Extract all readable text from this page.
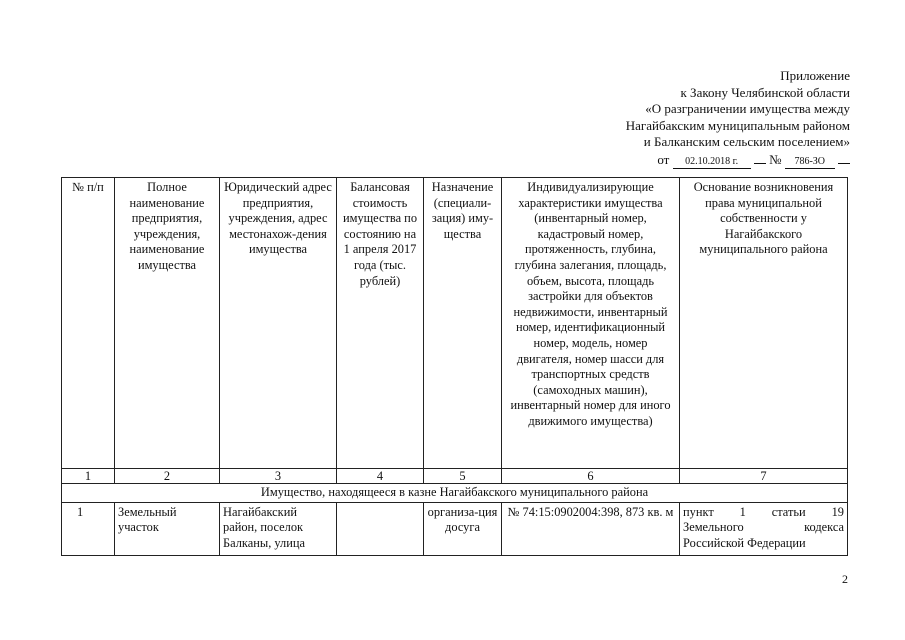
Приложение
к Закону Челябинской области
«О разграничении имущества между
Нагайбакским муниципальным районом
и Балканским сельским поселением»
от 02.10.2018 г. № 786-ЗО
№ п/п	Полное наименование предприятия, учреждения, наименование имущества	Юридический адрес предприятия, учреждения, адрес местонахож-дения имущества	Балансовая стоимость имущества по состоянию на 1 апреля 2017 года (тыс. рублей)	Назначение (специали-зация) иму-щества	Индивидуализирующие характеристики имущества (инвентарный номер, кадастровый номер, протяженность, глубина, глубина залегания, площадь, объем, высота, площадь застройки для объектов недвижимости, инвентарный номер, идентификационный номер, модель, номер двигателя, номер шасси для транспортных средств (самоходных машин), инвентарный номер для иного движимого имущества)	Основание возникновения права муниципальной собственности у Нагайбакского муниципального района
1	2	3	4	5	6	7
Имущество, находящееся в казне Нагайбакского муниципального района						
1	Земельный участок	Нагайбакский район, поселок Балканы, улица		организа-ция досуга	№ 74:15:0902004:398, 873 кв. м	пункт 1 статьи 19
Земельного кодекса
Российской Федерации
2
